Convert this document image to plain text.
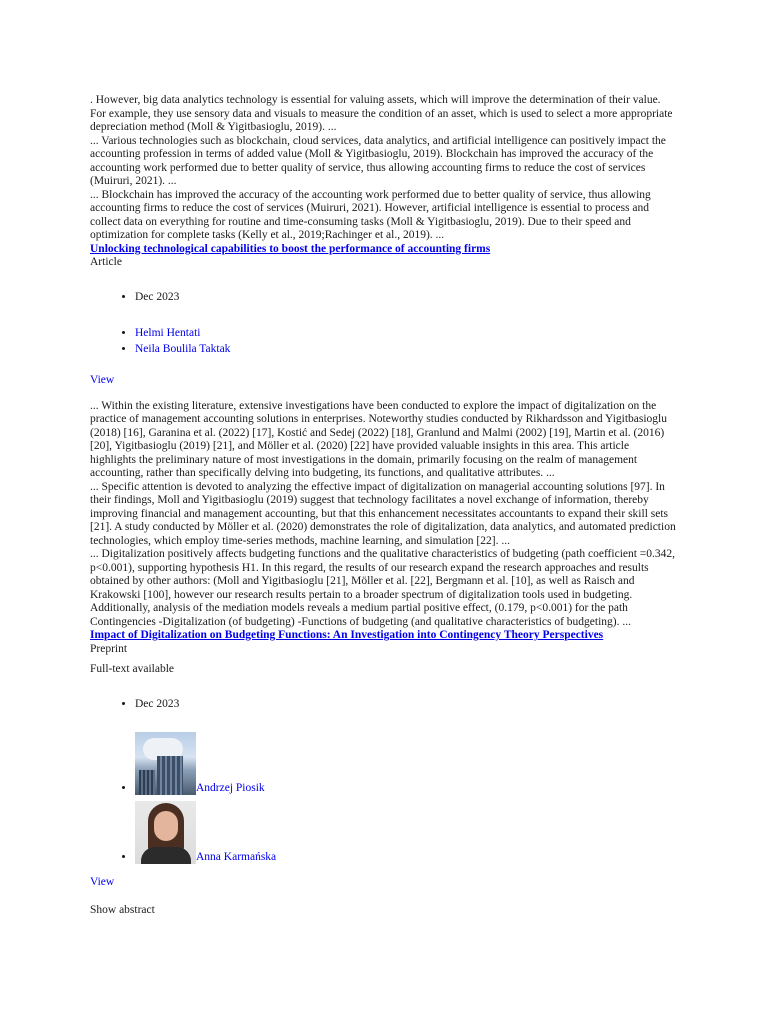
. However, big data analytics technology is essential for valuing assets, which will improve the determination of their value. For example, they use sensory data and visuals to measure the condition of an asset, which is used to select a more appropriate depreciation method (Moll & Yigitbasioglu, 2019). ...

... Various technologies such as blockchain, cloud services, data analytics, and artificial intelligence can positively impact the accounting profession in terms of added value (Moll & Yigitbasioglu, 2019). Blockchain has improved the accuracy of the accounting work performed due to better quality of service, thus allowing accounting firms to reduce the cost of services (Muiruri, 2021). ...

... Blockchain has improved the accuracy of the accounting work performed due to better quality of service, thus allowing accounting firms to reduce the cost of services (Muiruri, 2021). However, artificial intelligence is essential to process and collect data on everything for routine and time-consuming tasks (Moll & Yigitbasioglu, 2019). Due to their speed and optimization for complete tasks (Kelly et al., 2019;Rachinger et al., 2019). ...

Unlocking technological capabilities to boost the performance of accounting firms
Article
• Dec 2023
• Helmi Hentati
• Neila Boulila Taktak
View

... Within the existing literature, extensive investigations have been conducted to explore the impact of digitalization on the practice of management accounting solutions in enterprises. Noteworthy studies conducted by Rikhardsson and Yigitbasioglu (2018) [16], Garanina et al. (2022) [17], Kostić and Sedej (2022) [18], Granlund and Malmi (2002) [19], Martin et al. (2016) [20], Yigitbasioglu (2019) [21], and Möller et al. (2020) [22] have provided valuable insights in this area. This article highlights the preliminary nature of most investigations in the domain, primarily focusing on the realm of management accounting, rather than specifically delving into budgeting, its functions, and qualitative attributes. ...

... Specific attention is devoted to analyzing the effective impact of digitalization on managerial accounting solutions [97]. In their findings, Moll and Yigitbasioglu (2019) suggest that technology facilitates a novel exchange of information, thereby improving financial and management accounting, but that this enhancement necessitates accountants to expand their skill sets [21]. A study conducted by Möller et al. (2020) demonstrates the role of digitalization, data analytics, and automated prediction technologies, which employ time-series methods, machine learning, and simulation [22]. ...

... Digitalization positively affects budgeting functions and the qualitative characteristics of budgeting (path coefficient =0.342, p<0.001), supporting hypothesis H1. In this regard, the results of our research expand the research approaches and results obtained by other authors: (Moll and Yigitbasioglu [21], Möller et al. [22], Bergmann et al. [10], as well as Raisch and Krakowski [100], however our research results pertain to a broader spectrum of digitalization tools used in budgeting. Additionally, analysis of the mediation models reveals a medium partial positive effect, (0.179, p<0.001) for the path Contingencies -Digitalization (of budgeting) -Functions of budgeting (and qualitative characteristics of budgeting). ...

Impact of Digitalization on Budgeting Functions: An Investigation into Contingency Theory Perspectives
Preprint
Full-text available
• Dec 2023
• Andrzej Piosik
• Anna Karmańska
View
Show abstract
